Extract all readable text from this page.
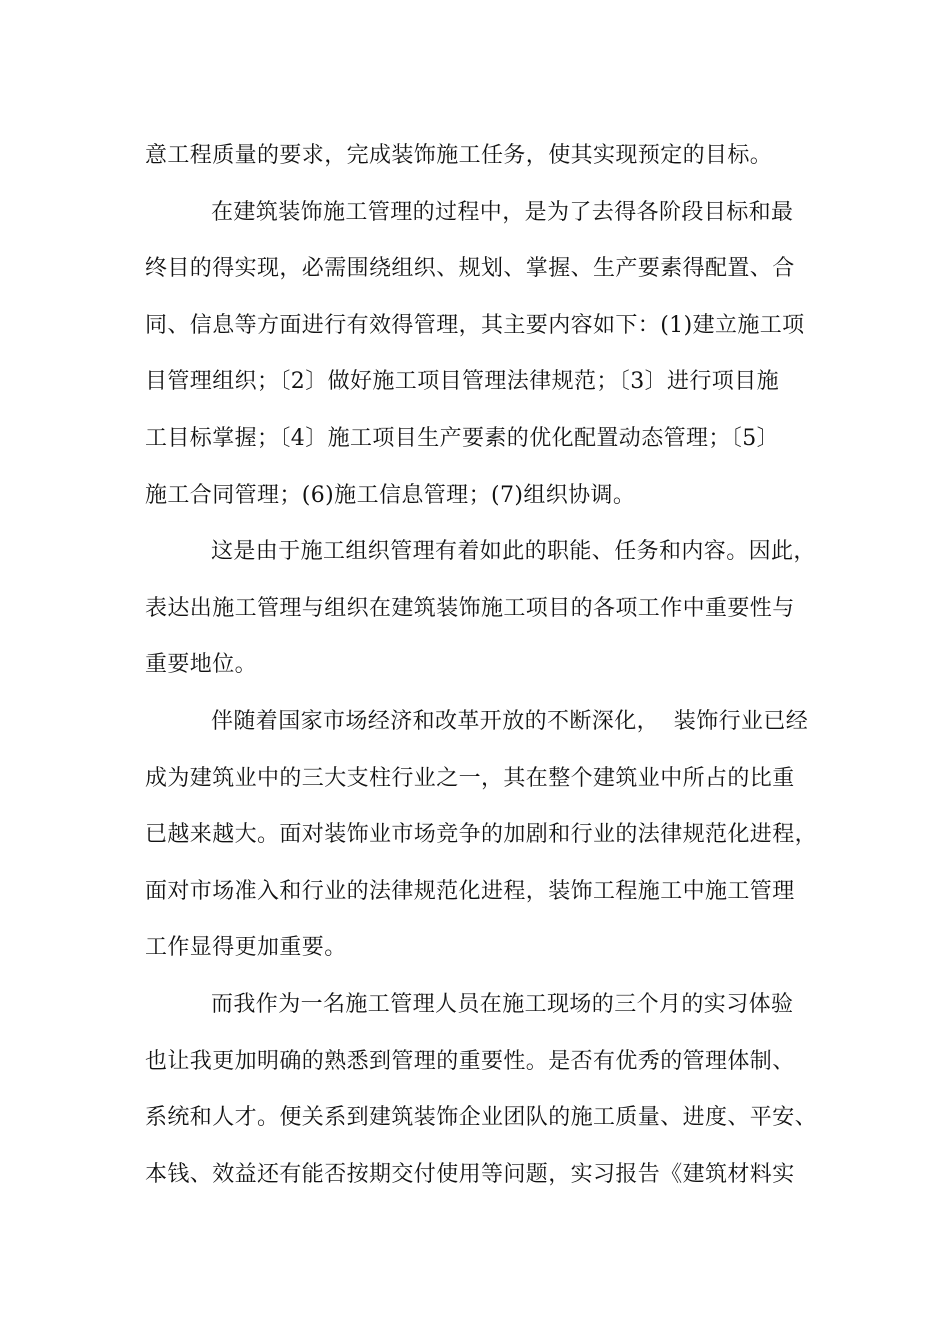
意工程质量的要求，完成装饰施工任务，使其实现预定的目标。
在建筑装饰施工管理的过程中，是为了去得各阶段目标和最
终目的得实现，必需围绕组织、规划、掌握、生产要素得配置、合
同、信息等方面进行有效得管理，其主要内容如下：(1)建立施工项
目管理组织；〔2〕做好施工项目管理法律规范；〔3〕进行项目施
工目标掌握；〔4〕施工项目生产要素的优化配置动态管理；〔5〕
施工合同管理；(6)施工信息管理；(7)组织协调。
这是由于施工组织管理有着如此的职能、任务和内容。因此，
表达出施工管理与组织在建筑装饰施工项目的各项工作中重要性与
重要地位。
伴随着国家市场经济和改革开放的不断深化，  装饰行业已经
成为建筑业中的三大支柱行业之一，其在整个建筑业中所占的比重
已越来越大。面对装饰业市场竞争的加剧和行业的法律规范化进程，
面对市场准入和行业的法律规范化进程，装饰工程施工中施工管理
工作显得更加重要。
而我作为一名施工管理人员在施工现场的三个月的实习体验
也让我更加明确的熟悉到管理的重要性。是否有优秀的管理体制、
系统和人才。便关系到建筑装饰企业团队的施工质量、进度、平安、
本钱、效益还有能否按期交付使用等问题，实习报告《建筑材料实
